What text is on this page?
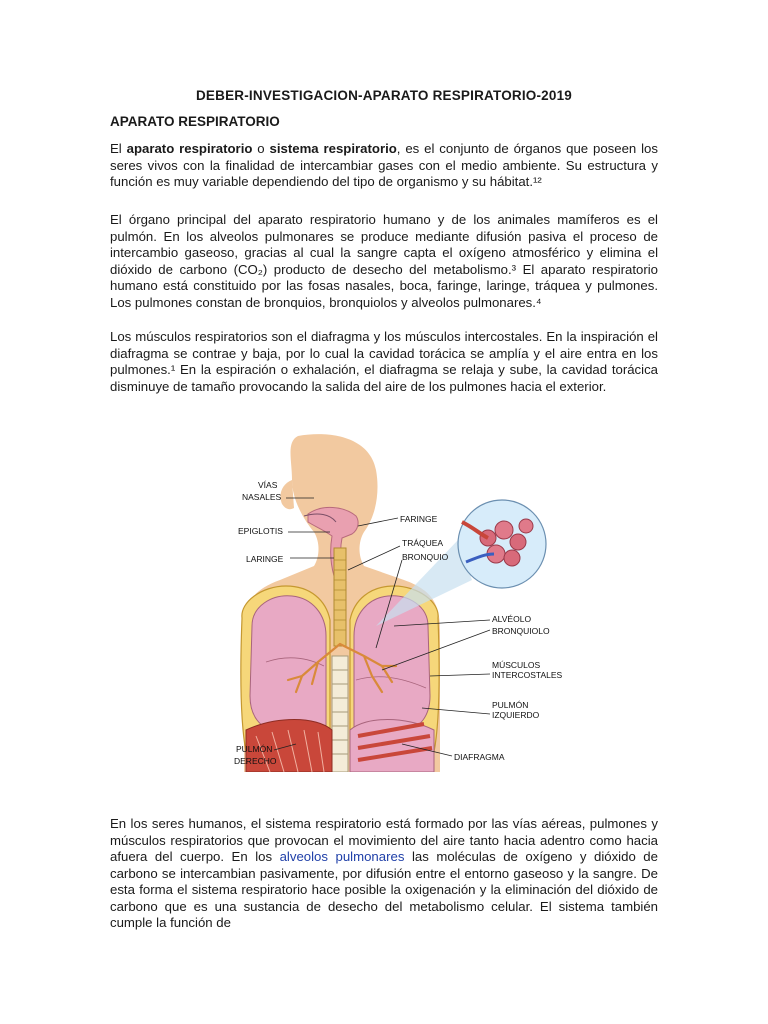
DEBER-INVESTIGACION-APARATO RESPIRATORIO-2019
APARATO RESPIRATORIO
El aparato respiratorio o sistema respiratorio, es el conjunto de órganos que poseen los seres vivos con la finalidad de intercambiar gases con el medio ambiente. Su estructura y función es muy variable dependiendo del tipo de organismo y su hábitat.¹²
El órgano principal del aparato respiratorio humano y de los animales mamíferos es el pulmón. En los alveolos pulmonares se produce mediante difusión pasiva el proceso de intercambio gaseoso, gracias al cual la sangre capta el oxígeno atmosférico y elimina el dióxido de carbono (CO₂) producto de desecho del metabolismo.³ El aparato respiratorio humano está constituido por las fosas nasales, boca, faringe, laringe, tráquea y pulmones. Los pulmones constan de bronquios, bronquiolos y alveolos pulmonares.⁴
Los músculos respiratorios son el diafragma y los músculos intercostales. En la inspiración el diafragma se contrae y baja, por lo cual la cavidad torácica se amplía y el aire entra en los pulmones.¹ En la espiración o exhalación, el diafragma se relaja y sube, la cavidad torácica disminuye de tamaño provocando la salida del aire de los pulmones hacia el exterior.
VÍAS
NASALES
EPIGLOTIS
LARINGE
FARINGE
TRÁQUEA
BRONQUIO
ALVÉOLO
BRONQUIOLO
MÚSCULOS
INTERCOSTALES
PULMÓN
IZQUIERDO
PULMÓN
DERECHO	DIAFRAGMA
En los seres humanos, el sistema respiratorio está formado por las vías aéreas, pulmones y músculos respiratorios que provocan el movimiento del aire tanto hacia adentro como hacia afuera del cuerpo. En los alveolos pulmonares las moléculas de oxígeno y dióxido de carbono se intercambian pasivamente, por difusión entre el entorno gaseoso y la sangre. De esta forma el sistema respiratorio hace posible la oxigenación y la eliminación del dióxido de carbono que es una sustancia de desecho del metabolismo celular. El sistema también cumple la función de
